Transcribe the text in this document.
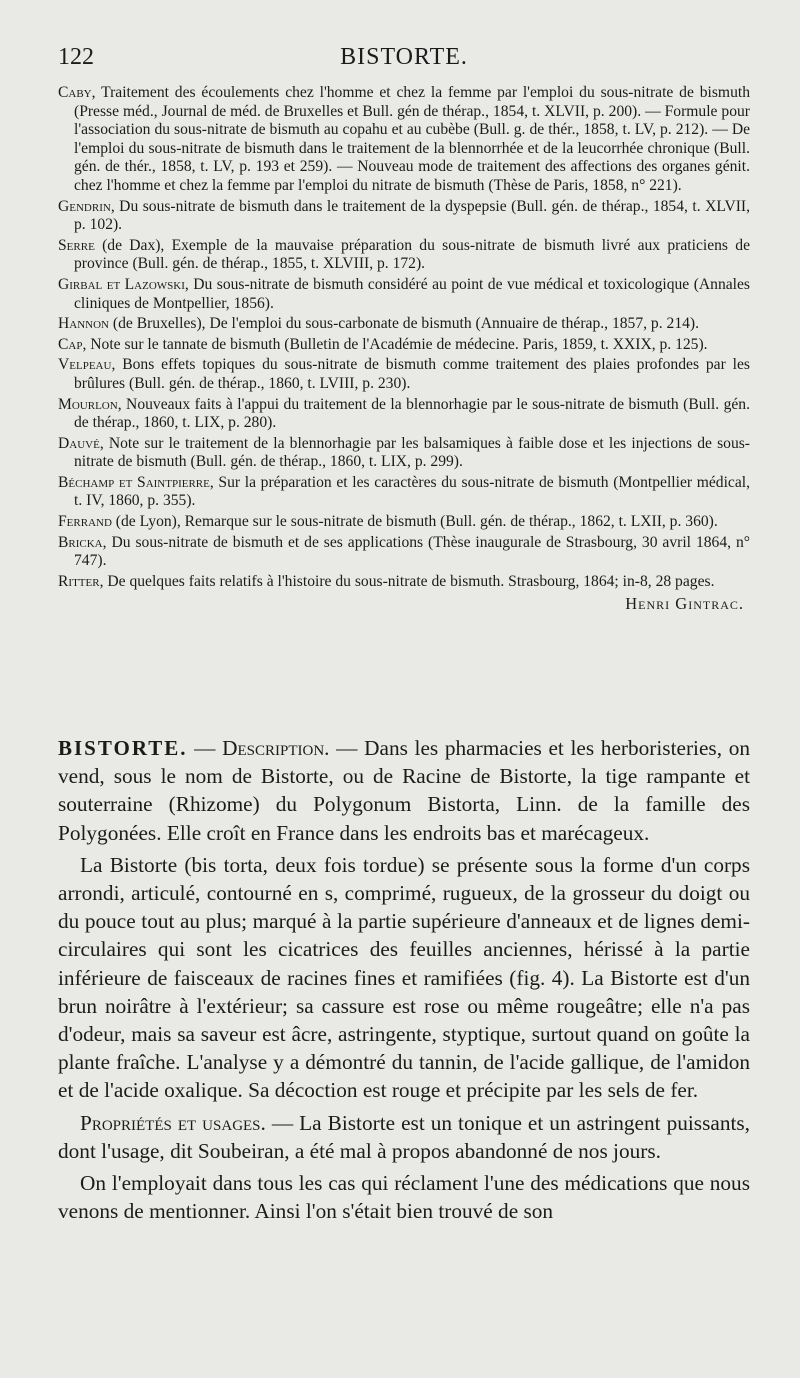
122	BISTORTE.

Caby, Traitement des écoulements chez l'homme et chez la femme par l'emploi du sous-nitrate de bismuth (Presse méd., Journal de méd. de Bruxelles et Bull. gén de thérap., 1854, t. XLVII, p. 200). — Formule pour l'association du sous-nitrate de bismuth au copahu et au cubèbe (Bull. g. de thér., 1858, t. LV, p. 212). — De l'emploi du sous-nitrate de bismuth dans le traitement de la blennorrhée et de la leucorrhée chronique (Bull. gén. de thér., 1858, t. LV, p. 193 et 259). — Nouveau mode de traitement des affections des organes génit. chez l'homme et chez la femme par l'emploi du nitrate de bismuth (Thèse de Paris, 1858, n° 221).

Gendrin, Du sous-nitrate de bismuth dans le traitement de la dyspepsie (Bull. gén. de thérap., 1854, t. XLVII, p. 102).

Serre (de Dax), Exemple de la mauvaise préparation du sous-nitrate de bismuth livré aux praticiens de province (Bull. gén. de thérap., 1855, t. XLVIII, p. 172).

Girbal et Lazowski, Du sous-nitrate de bismuth considéré au point de vue médical et toxicologique (Annales cliniques de Montpellier, 1856).

Hannon (de Bruxelles), De l'emploi du sous-carbonate de bismuth (Annuaire de thérap., 1857, p. 214).

Cap, Note sur le tannate de bismuth (Bulletin de l'Académie de médecine. Paris, 1859, t. XXIX, p. 125).

Velpeau, Bons effets topiques du sous-nitrate de bismuth comme traitement des plaies profondes par les brûlures (Bull. gén. de thérap., 1860, t. LVIII, p. 230).

Mourlon, Nouveaux faits à l'appui du traitement de la blennorhagie par le sous-nitrate de bismuth (Bull. gén. de thérap., 1860, t. LIX, p. 280).

Dauvé, Note sur le traitement de la blennorhagie par les balsamiques à faible dose et les injections de sous-nitrate de bismuth (Bull. gén. de thérap., 1860, t. LIX, p. 299).

Béchamp et Saintpierre, Sur la préparation et les caractères du sous-nitrate de bismuth (Montpellier médical, t. IV, 1860, p. 355).

Ferrand (de Lyon), Remarque sur le sous-nitrate de bismuth (Bull. gén. de thérap., 1862, t. LXII, p. 360).

Bricka, Du sous-nitrate de bismuth et de ses applications (Thèse inaugurale de Strasbourg, 30 avril 1864, n° 747).

Ritter, De quelques faits relatifs à l'histoire du sous-nitrate de bismuth. Strasbourg, 1864; in-8, 28 pages.

Henri Gintrac.

BISTORTE. — Description. — Dans les pharmacies et les herboristeries, on vend, sous le nom de Bistorte, ou de Racine de Bistorte, la tige rampante et souterraine (Rhizome) du Polygonum Bistorta, Linn. de la famille des Polygonées. Elle croît en France dans les endroits bas et marécageux.

La Bistorte (bis torta, deux fois tordue) se présente sous la forme d'un corps arrondi, articulé, contourné en s, comprimé, rugueux, de la grosseur du doigt ou du pouce tout au plus; marqué à la partie supérieure d'anneaux et de lignes demi-circulaires qui sont les cicatrices des feuilles anciennes, hérissé à la partie inférieure de faisceaux de racines fines et ramifiées (fig. 4). La Bistorte est d'un brun noirâtre à l'extérieur; sa cassure est rose ou même rougeâtre; elle n'a pas d'odeur, mais sa saveur est âcre, astringente, styptique, surtout quand on goûte la plante fraîche. L'analyse y a démontré du tannin, de l'acide gallique, de l'amidon et de l'acide oxalique. Sa décoction est rouge et précipite par les sels de fer.

Propriétés et usages. — La Bistorte est un tonique et un astringent puissants, dont l'usage, dit Soubeiran, a été mal à propos abandonné de nos jours.

On l'employait dans tous les cas qui réclament l'une des médications que nous venons de mentionner. Ainsi l'on s'était bien trouvé de son
